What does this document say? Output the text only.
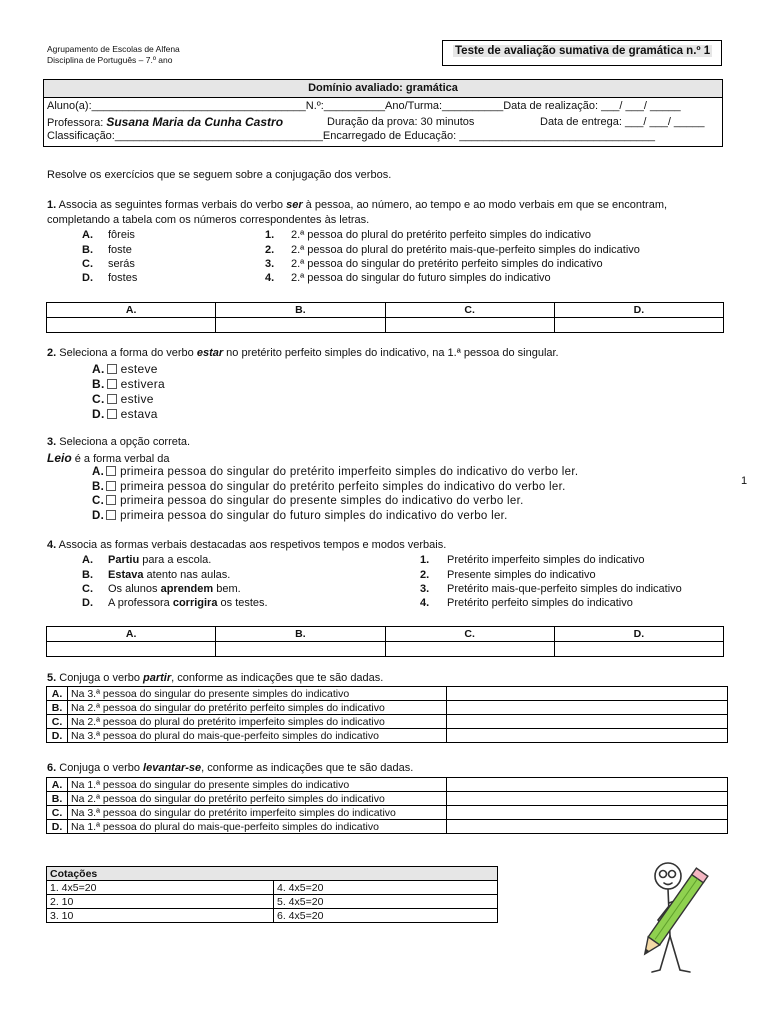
Agrupamento de Escolas de Alfena
Disciplina de Português – 7.º ano
Teste de avaliação sumativa de gramática n.º 1
Domínio avaliado: gramática
Aluno(a):___________________________________N.º:__________Ano/Turma:__________Data de realização: ___/ ___/ _____
Professora: Susana Maria da Cunha Castro	Duração da prova: 30 minutos	Data de entrega: ___/ ___/ _____
Classificação:__________________________________Encarregado de Educação: ________________________________

Resolve os exercícios que se seguem sobre a conjugação dos verbos.

1. Associa as seguintes formas verbais do verbo ser à pessoa, ao número, ao tempo e ao modo verbais em que se encontram,

completando a tabela com os números correspondentes às letras.

A. fôreis
B. foste
C. serás
D. fostes
1. 2.ª pessoa do plural do pretérito perfeito simples do indicativo
2. 2.ª pessoa do plural do pretérito mais-que-perfeito simples do indicativo
3. 2.ª pessoa do singular do pretérito perfeito simples do indicativo
4. 2.ª pessoa do singular do futuro simples do indicativo
A.	B.	C.	D.

2. Seleciona a forma do verbo estar no pretérito perfeito simples do indicativo, na 1.ª pessoa do singular.

A. esteve
B. estivera
C. estive
D. estava

3. Seleciona a opção correta.

Leio é a forma verbal da

A. primeira pessoa do singular do pretérito imperfeito simples do indicativo do verbo ler.
B. primeira pessoa do singular do pretérito perfeito simples do indicativo do verbo ler.
C. primeira pessoa do singular do presente simples do indicativo do verbo ler.
D. primeira pessoa do singular do futuro simples do indicativo do verbo ler.
1

4. Associa as formas verbais destacadas aos respetivos tempos e modos verbais.

A. Partiu para a escola.
B. Estava atento nas aulas.
C. Os alunos aprendem bem.
D. A professora corrigira os testes.
1. Pretérito imperfeito simples do indicativo
2. Presente simples do indicativo
3. Pretérito mais-que-perfeito simples do indicativo
4. Pretérito perfeito simples do indicativo
A.	B.	C.	D.

5. Conjuga o verbo partir, conforme as indicações que te são dadas.

A.	Na 3.ª pessoa do singular do presente simples do indicativo	
B.	Na 2.ª pessoa do singular do pretérito perfeito simples do indicativo	
C.	Na 2.ª pessoa do plural do pretérito imperfeito simples do indicativo	
D.	Na 3.ª pessoa do plural do mais-que-perfeito simples do indicativo	

6. Conjuga o verbo levantar-se, conforme as indicações que te são dadas.

A.	Na 1.ª pessoa do singular do presente simples do indicativo	
B.	Na 2.ª pessoa do singular do pretérito perfeito simples do indicativo	
C.	Na 3.ª pessoa do singular do pretérito imperfeito simples do indicativo	
D.	Na 1.ª pessoa do plural do mais-que-perfeito simples do indicativo	
Cotações	
1. 4x5=20	4. 4x5=20
2. 10	5. 4x5=20
3. 10	6. 4x5=20
